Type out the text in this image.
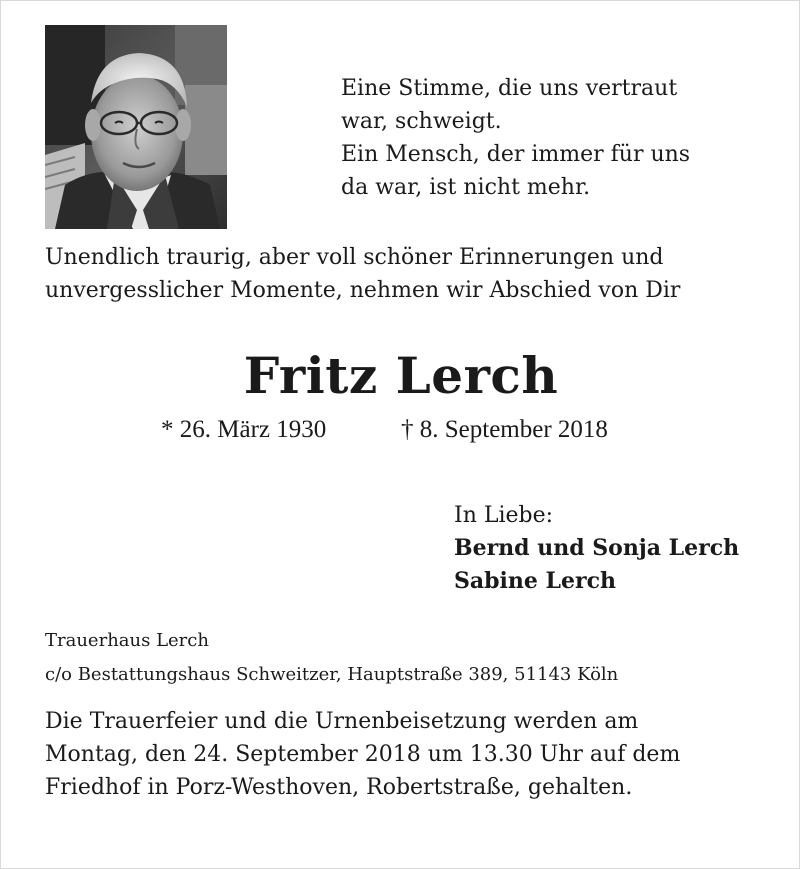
Eine Stimme, die uns vertraut
war, schweigt.
Ein Mensch, der immer für uns
da war, ist nicht mehr.
Unendlich traurig, aber voll schöner Erinnerungen und
unvergesslicher Momente, nehmen wir Abschied von Dir
Fritz Lerch
* 26. März 1930	† 8. September 2018
In Liebe:
Bernd und Sonja Lerch
Sabine Lerch
Trauerhaus Lerch
c/o Bestattungshaus Schweitzer, Hauptstraße 389, 51143 Köln
Die Trauerfeier und die Urnenbeisetzung werden am
Montag, den 24. September 2018 um 13.30 Uhr auf dem
Friedhof in Porz-Westhoven, Robertstraße, gehalten.
